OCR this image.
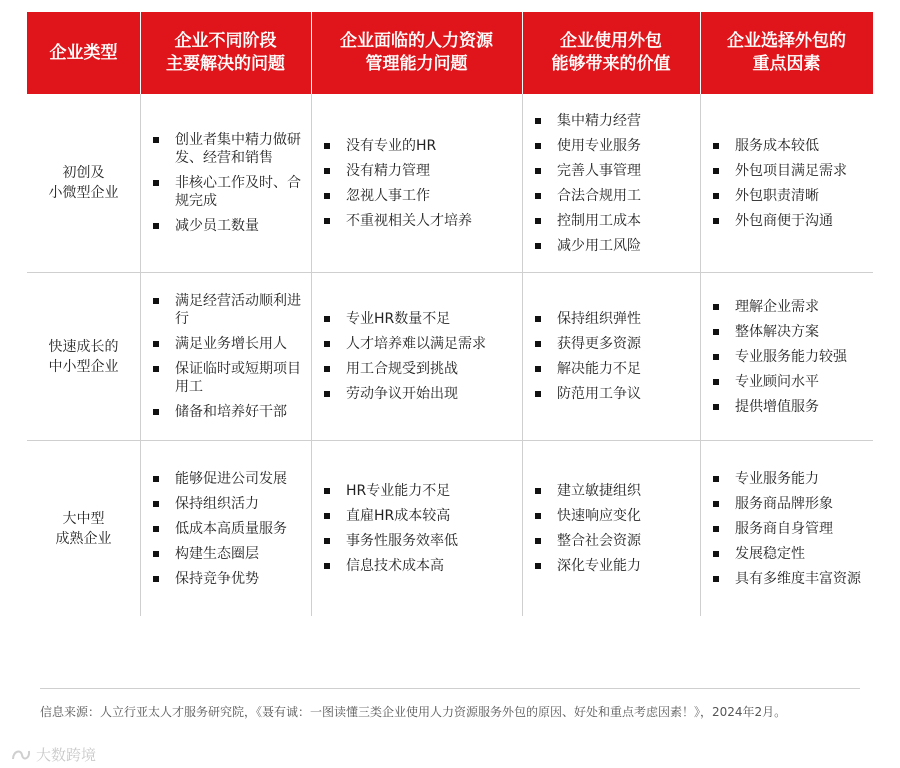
企业类型
企业不同阶段
主要解决的问题
企业面临的人力资源
管理能力问题
企业使用外包
能够带来的价值
企业选择外包的
重点因素
初创及
小微型企业
创业者集中精力做研发、经营和销售
非核心工作及时、合规完成
减少员工数量
没有专业的HR
没有精力管理
忽视人事工作
不重视相关人才培养
集中精力经营
使用专业服务
完善人事管理
合法合规用工
控制用工成本
减少用工风险
服务成本较低
外包项目满足需求
外包职责清晰
外包商便于沟通
快速成长的
中小型企业
满足经营活动顺利进行
满足业务增长用人
保证临时或短期项目用工
储备和培养好干部
专业HR数量不足
人才培养难以满足需求
用工合规受到挑战
劳动争议开始出现
保持组织弹性
获得更多资源
解决能力不足
防范用工争议
理解企业需求
整体解决方案
专业服务能力较强
专业顾问水平
提供增值服务
大中型
成熟企业
能够促进公司发展
保持组织活力
低成本高质量服务
构建生态圈层
保持竞争优势
HR专业能力不足
直雇HR成本较高
事务性服务效率低
信息技术成本高
建立敏捷组织
快速响应变化
整合社会资源
深化专业能力
专业服务能力
服务商品牌形象
服务商自身管理
发展稳定性
具有多维度丰富资源
信息来源：人立行亚太人才服务研究院，《聂有诚：一图读懂三类企业使用人力资源服务外包的原因、好处和重点考虑因素！》，2024年2月。
大数跨境
